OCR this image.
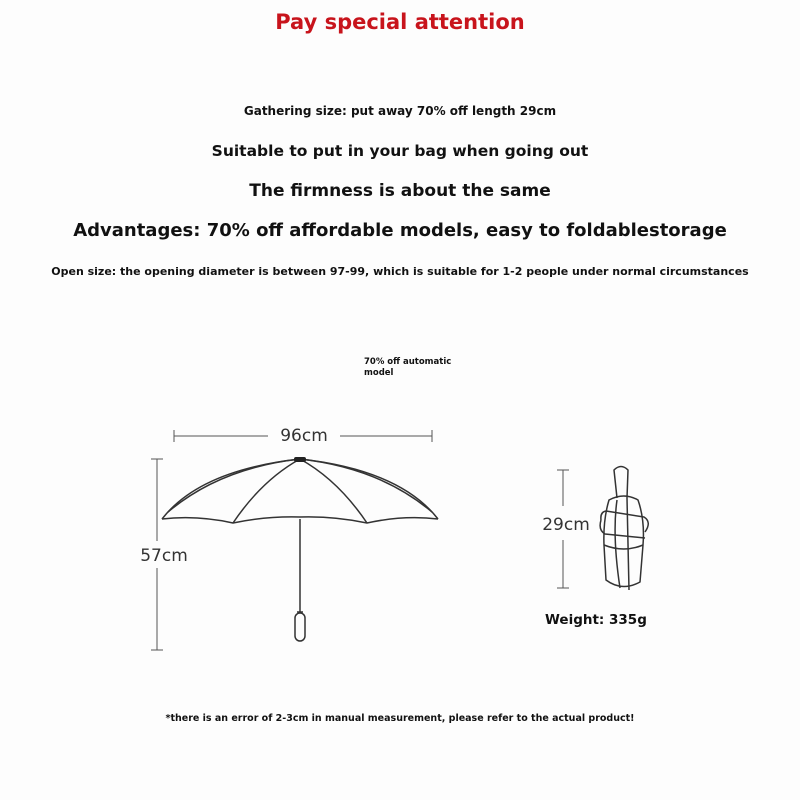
Pay special attention
Gathering size: put away 70% off length 29cm
Suitable to put in your bag when going out
The firmness is about the same
Advantages: 70% off affordable models, easy to foldablestorage
Open size: the opening diameter is between 97-99, which is suitable for 1-2 people under normal circumstances
70% off automatic model
96cm
57cm
29cm
Weight: 335g
*there is an error of 2-3cm in manual measurement, please refer to the actual product!
